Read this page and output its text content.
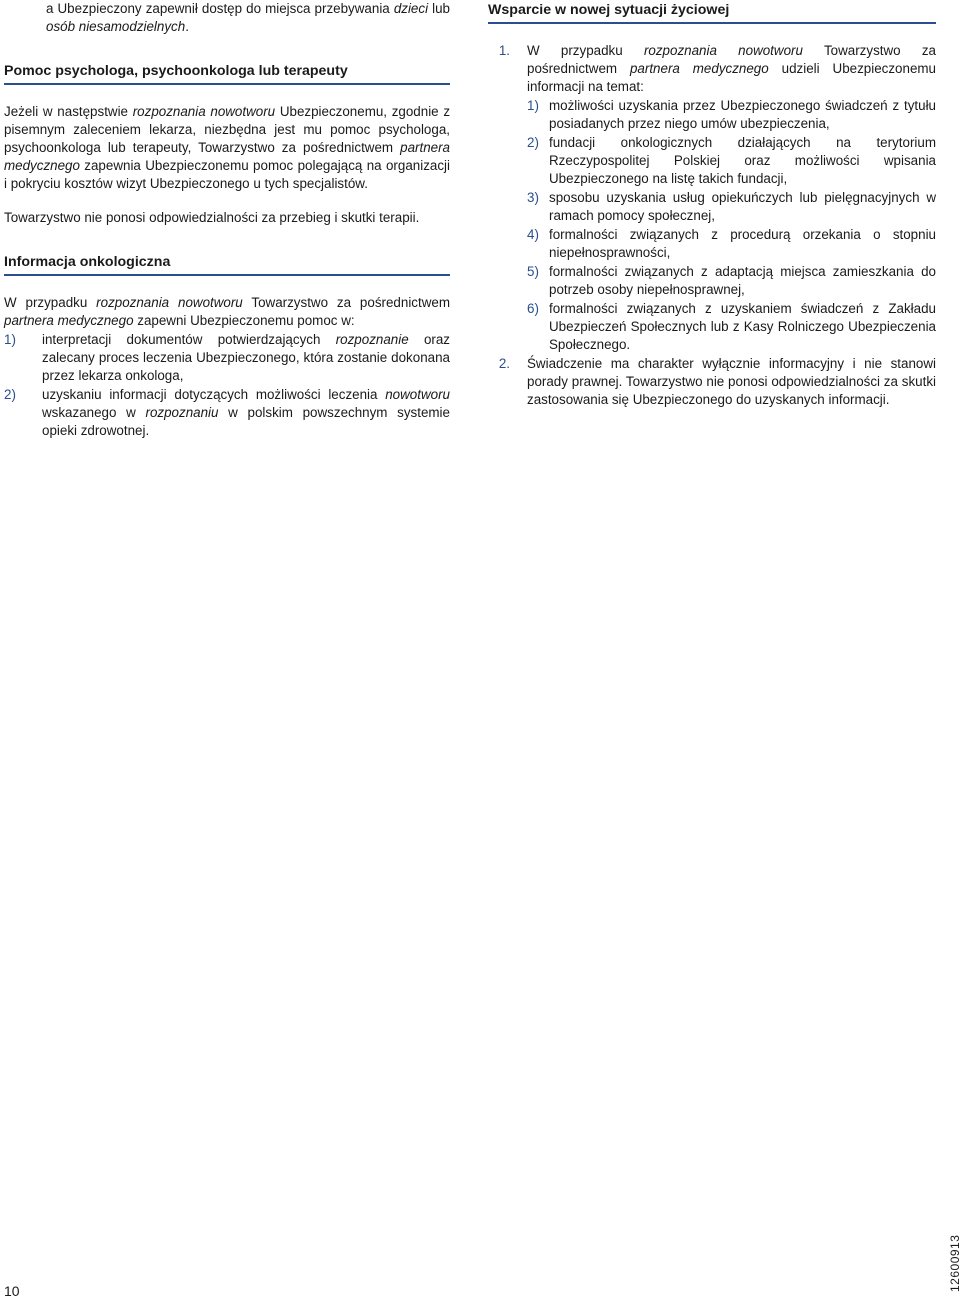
a Ubezpieczony zapewnił dostęp do miejsca przebywania dzieci lub osób niesamodzielnych.

Pomoc psychologa, psychoonkologa lub terapeuty

Jeżeli w następstwie rozpoznania nowotworu Ubezpieczonemu, zgodnie z pisemnym zaleceniem lekarza, niezbędna jest mu pomoc psychologa, psychoonkologa lub terapeuty, Towarzystwo za pośrednictwem partnera medycznego zapewnia Ubezpieczonemu pomoc polegającą na organizacji i pokryciu kosztów wizyt Ubezpieczonego u tych specjalistów.

Towarzystwo nie ponosi odpowiedzialności za przebieg i skutki terapii.

Informacja onkologiczna

W przypadku rozpoznania nowotworu Towarzystwo za pośrednictwem partnera medycznego zapewni Ubezpieczonemu pomoc w:

1)	interpretacji dokumentów potwierdzających rozpoznanie oraz zalecany proces leczenia Ubezpieczonego, która zostanie dokonana przez lekarza onkologa,
2)	uzyskaniu informacji dotyczących możliwości leczenia nowotworu wskazanego w rozpoznaniu w polskim powszechnym systemie opieki zdrowotnej.
Wsparcie w nowej sytuacji życiowej
1.	W przypadku rozpoznania nowotworu Towarzystwo za pośrednictwem partnera medycznego udzieli Ubezpieczonemu informacji na temat:
1) możliwości uzyskania przez Ubezpieczonego świadczeń z tytułu posiadanych przez niego umów ubezpieczenia,
2) fundacji onkologicznych działających na terytorium Rzeczypospolitej Polskiej oraz możliwości wpisania Ubezpieczonego na listę takich fundacji,
3) sposobu uzyskania usług opiekuńczych lub pielęgnacyjnych w ramach pomocy społecznej,
4) formalności związanych z procedurą orzekania o stopniu niepełnosprawności,
5) formalności związanych z adaptacją miejsca zamieszkania do potrzeb osoby niepełnosprawnej,
6) formalności związanych z uzyskaniem świadczeń z Zakładu Ubezpieczeń Społecznych lub z Kasy Rolniczego Ubezpieczenia Społecznego.
2.	Świadczenie ma charakter wyłącznie informacyjny i nie stanowi porady prawnej. Towarzystwo nie ponosi odpowiedzialności za skutki zastosowania się Ubezpieczonego do uzyskanych informacji.
10	12600913
